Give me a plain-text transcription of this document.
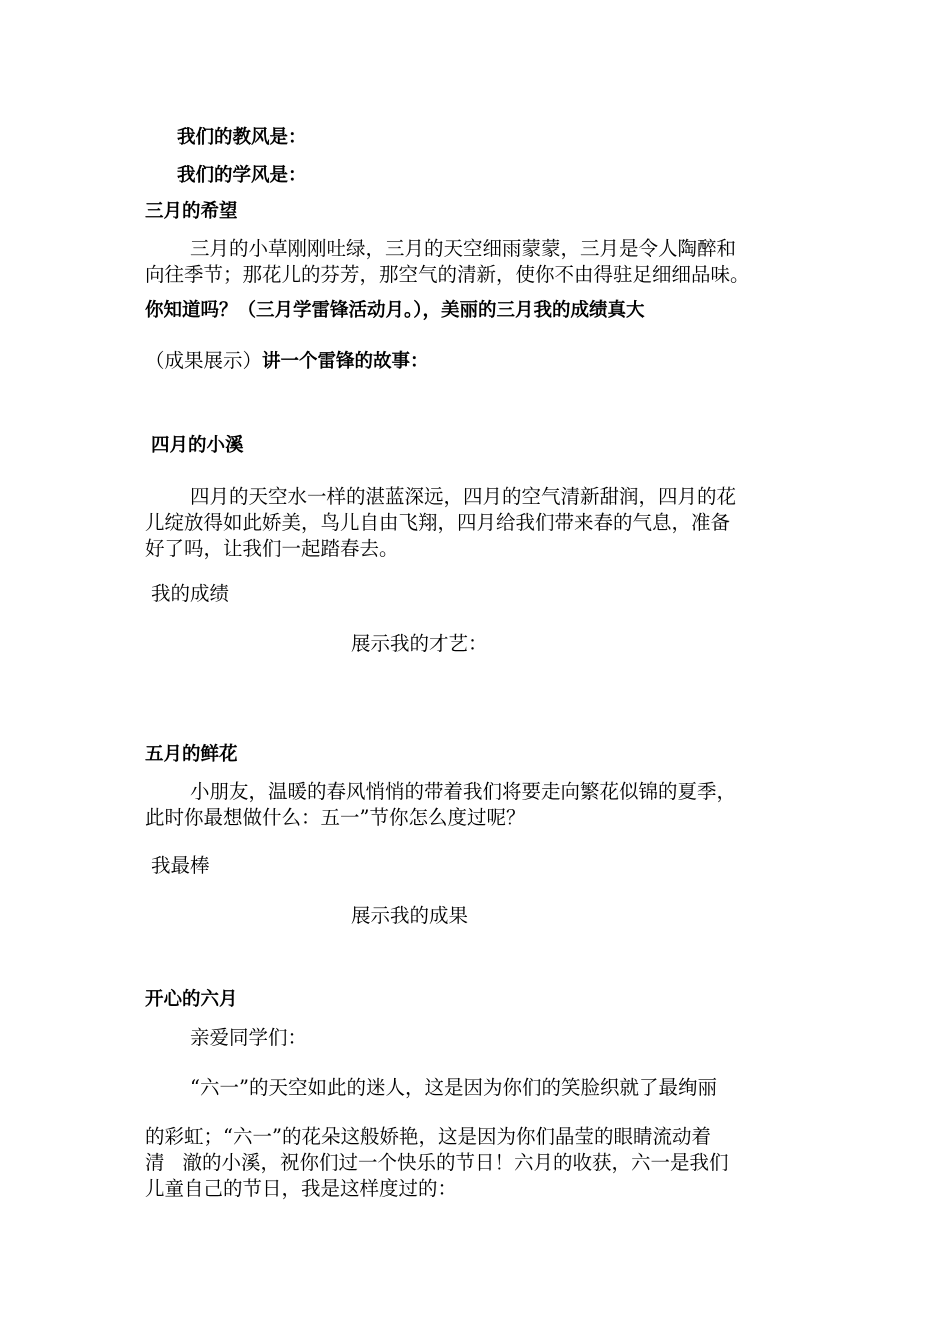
我们的教风是：
我们的学风是：
三月的希望
三月的小草刚刚吐绿，三月的天空细雨蒙蒙，三月是令人陶醉和
向往季节；那花儿的芬芳，那空气的清新，使你不由得驻足细细品味。
你知道吗？（三月学雷锋活动月。），美丽的三月我的成绩真大
（成果展示）讲一个雷锋的故事：
四月的小溪
四月的天空水一样的湛蓝深远，四月的空气清新甜润，四月的花
儿绽放得如此娇美，鸟儿自由飞翔，四月给我们带来春的气息，准备
好了吗，让我们一起踏春去。
我的成绩
展示我的才艺：
五月的鲜花
小朋友，温暖的春风悄悄的带着我们将要走向繁花似锦的夏季，
此时你最想做什么：五一”节你怎么度过呢？
我最棒
展示我的成果
开心的六月
亲爱同学们：
“六一”的天空如此的迷人，这是因为你们的笑脸织就了最绚丽
的彩虹；“六一”的花朵这般娇艳，这是因为你们晶莹的眼睛流动着
清 澈的小溪，祝你们过一个快乐的节日！六月的收获，六一是我们
儿童自己的节日，我是这样度过的：
